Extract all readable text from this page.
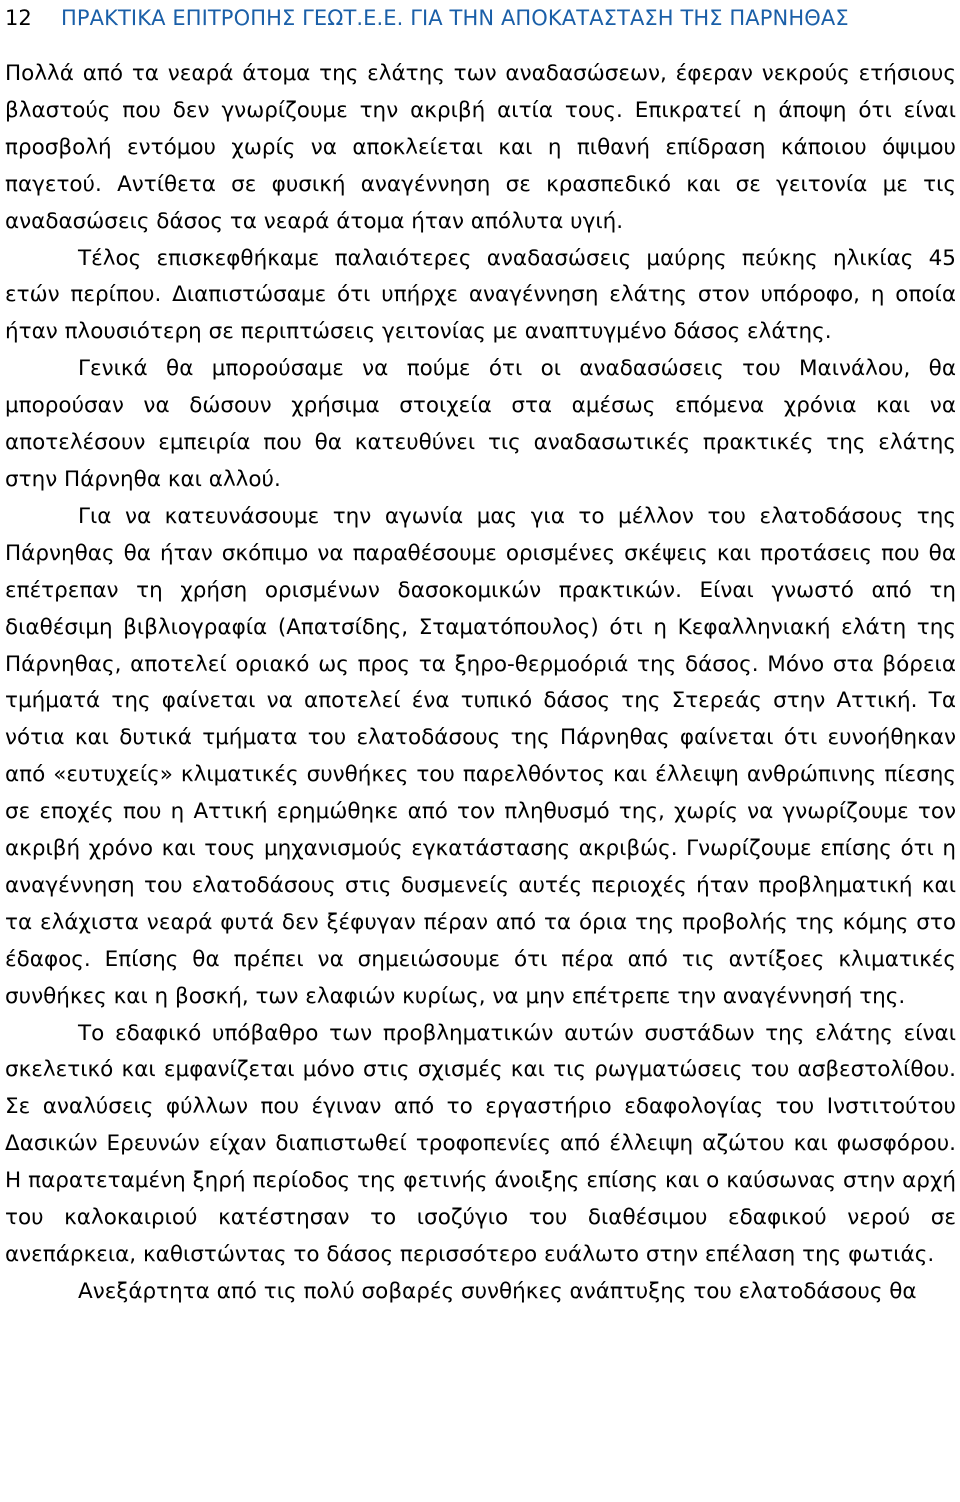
12 ΠΡΑΚΤΙΚΑ ΕΠΙΤΡΟΠΗΣ ΓΕΩΤ.Ε.Ε. ΓΙΑ ΤΗΝ ΑΠΟΚΑΤΑΣΤΑΣΗ ΤΗΣ ΠΑΡΝΗΘΑΣ

Πολλά από τα νεαρά άτομα της ελάτης των αναδασώσεων, έφεραν νεκρούς ετήσιους βλαστούς που δεν γνωρίζουμε την ακριβή αιτία τους. Επικρατεί η άποψη ότι είναι προσβολή εντόμου χωρίς να αποκλείεται και η πιθανή επίδραση κάποιου όψιμου παγετού. Αντίθετα σε φυσική αναγέννηση σε κρασπεδικό και σε γειτονία με τις αναδασώσεις δάσος τα νεαρά άτομα ήταν απόλυτα υγιή.

Τέλος επισκεφθήκαμε παλαιότερες αναδασώσεις μαύρης πεύκης ηλικίας 45 ετών περίπου. Διαπιστώσαμε ότι υπήρχε αναγέννηση ελάτης στον υπόροφο, η οποία ήταν πλουσιότερη σε περιπτώσεις γειτονίας με αναπτυγμένο δάσος ελάτης.

Γενικά θα μπορούσαμε να πούμε ότι οι αναδασώσεις του Μαινάλου, θα μπορούσαν να δώσουν χρήσιμα στοιχεία στα αμέσως επόμενα χρόνια και να αποτελέσουν εμπειρία που θα κατευθύνει τις αναδασωτικές πρακτικές της ελάτης στην Πάρνηθα και αλλού.

Για να κατευνάσουμε την αγωνία μας για το μέλλον του ελατοδάσους της Πάρνηθας θα ήταν σκόπιμο να παραθέσουμε ορισμένες σκέψεις και προτάσεις που θα επέτρεπαν τη χρήση ορισμένων δασοκομικών πρακτικών. Είναι γνωστό από τη διαθέσιμη βιβλιογραφία (Απατσίδης, Σταματόπουλος) ότι η Κεφαλληνιακή ελάτη της Πάρνηθας, αποτελεί οριακό ως προς τα ξηρο-θερμοόριά της δάσος. Μόνο στα βόρεια τμήματά της φαίνεται να αποτελεί ένα τυπικό δάσος της Στερεάς στην Αττική. Τα νότια και δυτικά τμήματα του ελατοδάσους της Πάρνηθας φαίνεται ότι ευνοήθηκαν από «ευτυχείς» κλιματικές συνθήκες του παρελθόντος και έλλειψη ανθρώπινης πίεσης σε εποχές που η Αττική ερημώθηκε από τον πληθυσμό της, χωρίς να γνωρίζουμε τον ακριβή χρόνο και τους μηχανισμούς εγκατάστασης ακριβώς. Γνωρίζουμε επίσης ότι η αναγέννηση του ελατοδάσους στις δυσμενείς αυτές περιοχές ήταν προβληματική και τα ελάχιστα νεαρά φυτά δεν ξέφυγαν πέραν από τα όρια της προβολής της κόμης στο έδαφος. Επίσης θα πρέπει να σημειώσουμε ότι πέρα από τις αντίξοες κλιματικές συνθήκες και η βοσκή, των ελαφιών κυρίως, να μην επέτρεπε την αναγέννησή της.

Το εδαφικό υπόβαθρο των προβληματικών αυτών συστάδων της ελάτης είναι σκελετικό και εμφανίζεται μόνο στις σχισμές και τις ρωγματώσεις του ασβεστολίθου. Σε αναλύσεις φύλλων που έγιναν από το εργαστήριο εδαφολογίας του Ινστιτούτου Δασικών Ερευνών είχαν διαπιστωθεί τροφοπενίες από έλλειψη αζώτου και φωσφόρου. Η παρατεταμένη ξηρή περίοδος της φετινής άνοιξης επίσης και ο καύσωνας στην αρχή του καλοκαιριού κατέστησαν το ισοζύγιο του διαθέσιμου εδαφικού νερού σε ανεπάρκεια, καθιστώντας το δάσος περισσότερο ευάλωτο στην επέλαση της φωτιάς.

Ανεξάρτητα από τις πολύ σοβαρές συνθήκες ανάπτυξης του ελατοδάσους θα
